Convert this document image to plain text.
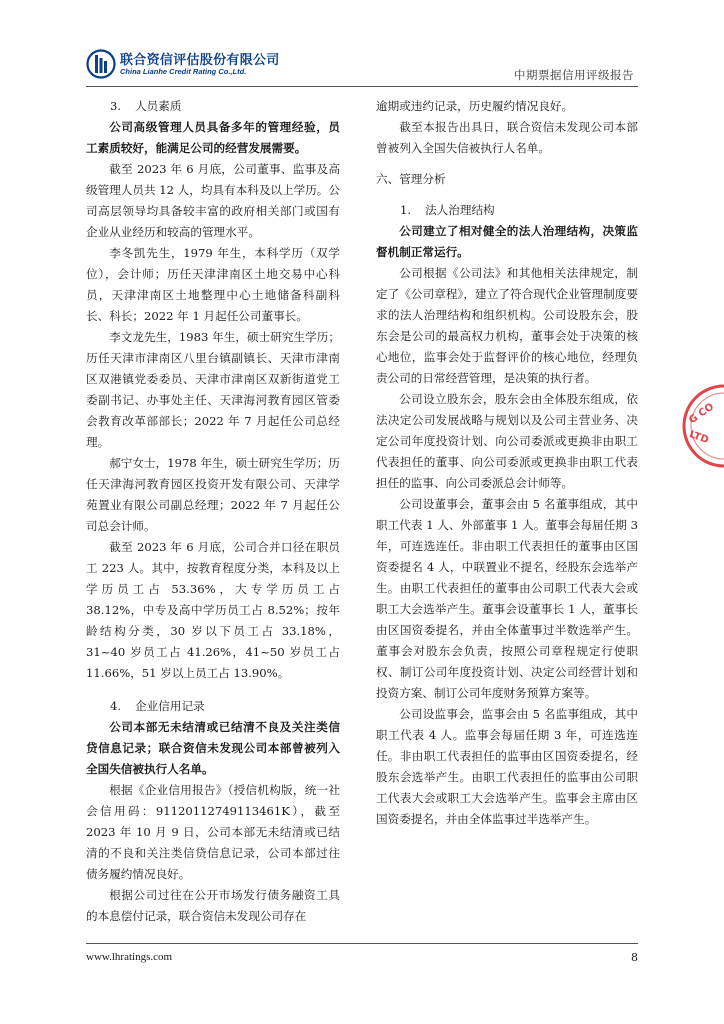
联合资信评估股份有限公司
China Lianhe Credit Rating Co.,Ltd.	中期票据信用评级报告

3. 人员素质

公司高级管理人员具备多年的管理经验，员工素质较好，能满足公司的经营发展需要。

截至 2023 年 6 月底，公司董事、监事及高级管理人员共 12 人，均具有本科及以上学历。公司高层领导均具备较丰富的政府相关部门或国有企业从业经历和较高的管理水平。

李冬凯先生，1979 年生，本科学历（双学位），会计师；历任天津津南区土地交易中心科员，天津津南区土地整理中心土地储备科副科长、科长；2022 年 1 月起任公司董事长。

李文龙先生，1983 年生，硕士研究生学历；历任天津市津南区八里台镇副镇长、天津市津南区双港镇党委委员、天津市津南区双新街道党工委副书记、办事处主任、天津海河教育园区管委会教育改革部部长；2022 年 7 月起任公司总经理。

郝宁女士，1978 年生，硕士研究生学历；历任天津海河教育园区投资开发有限公司、天津学苑置业有限公司副总经理；2022 年 7 月起任公司总会计师。

截至 2023 年 6 月底，公司合并口径在职员工 223 人。其中，按教育程度分类，本科及以上学历员工占 53.36%，大专学历员工占 38.12%，中专及高中学历员工占 8.52%；按年龄结构分类，30 岁以下员工占 33.18%，31~40 岁员工占 41.26%，41~50 岁员工占 11.66%，51 岁以上员工占 13.90%。

4. 企业信用记录

公司本部无未结清或已结清不良及关注类信贷信息记录；联合资信未发现公司本部曾被列入全国失信被执行人名单。

根据《企业信用报告》（授信机构版，统一社会信用码：91120112749113461K），截至 2023 年 10 月 9 日，公司本部无未结清或已结清的不良和关注类信贷信息记录，公司本部过往债务履约情况良好。

根据公司过往在公开市场发行债务融资工具的本息偿付记录，联合资信未发现公司存在

逾期或违约记录，历史履约情况良好。

截至本报告出具日，联合资信未发现公司本部曾被列入全国失信被执行人名单。

六、管理分析

1. 法人治理结构

公司建立了相对健全的法人治理结构，决策监督机制正常运行。

公司根据《公司法》和其他相关法律规定，制定了《公司章程》，建立了符合现代企业管理制度要求的法人治理结构和组织机构。公司设股东会，股东会是公司的最高权力机构，董事会处于决策的核心地位，监事会处于监督评价的核心地位，经理负责公司的日常经营管理，是决策的执行者。

公司设立股东会，股东会由全体股东组成，依法决定公司发展战略与规划以及公司主营业务、决定公司年度投资计划、向公司委派或更换非由职工代表担任的董事、向公司委派或更换非由职工代表担任的监事、向公司委派总会计师等。

公司设董事会，董事会由 5 名董事组成，其中职工代表 1 人、外部董事 1 人。董事会每届任期 3 年，可连选连任。非由职工代表担任的董事由区国资委提名 4 人，中联置业不提名，经股东会选举产生。由职工代表担任的董事由公司职工代表大会或职工大会选举产生。董事会设董事长 1 人，董事长由区国资委提名，并由全体董事过半数选举产生。董事会对股东会负责，按照公司章程规定行使职权、制订公司年度投资计划、决定公司经营计划和投资方案、制订公司年度财务预算方案等。

公司设监事会，监事会由 5 名监事组成，其中职工代表 4 人。监事会每届任期 3 年，可连选连任。非由职工代表担任的监事由区国资委提名，经股东会选举产生。由职工代表担任的监事由公司职工代表大会或职工大会选举产生。监事会主席由区国资委提名，并由全体监事过半选举产生。

www.lhratings.com	8
G CO
LTD
